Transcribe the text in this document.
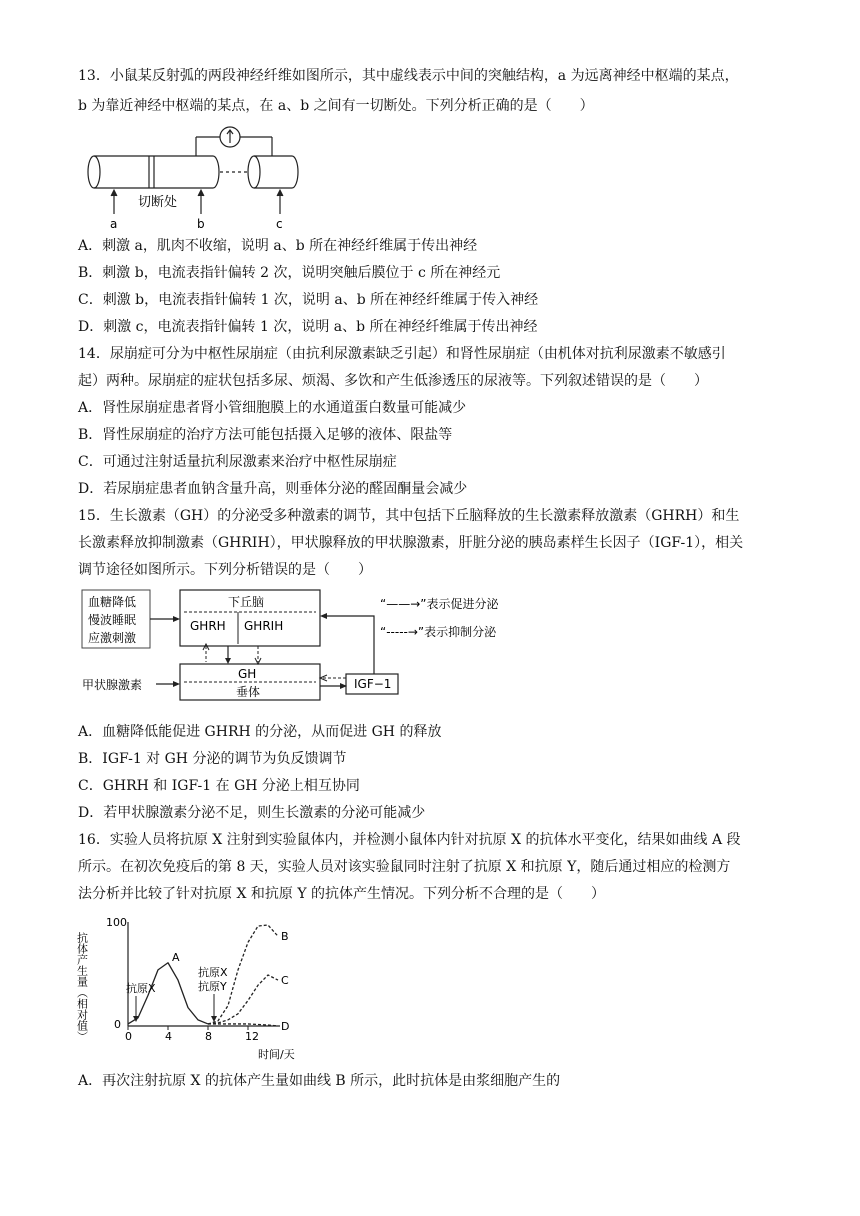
13．小鼠某反射弧的两段神经纤维如图所示，其中虚线表示中间的突触结构，a 为远离神经中枢端的某点，
b 为靠近神经中枢端的某点，在 a、b 之间有一切断处。下列分析正确的是（　　）
a	b	c
切断处
A．刺激 a，肌肉不收缩，说明 a、b 所在神经纤维属于传出神经
B．刺激 b，电流表指针偏转 2 次，说明突触后膜位于 c 所在神经元
C．刺激 b，电流表指针偏转 1 次，说明 a、b 所在神经纤维属于传入神经
D．刺激 c，电流表指针偏转 1 次，说明 a、b 所在神经纤维属于传出神经
14．尿崩症可分为中枢性尿崩症（由抗利尿激素缺乏引起）和肾性尿崩症（由机体对抗利尿激素不敏感引
起）两种。尿崩症的症状包括多尿、烦渴、多饮和产生低渗透压的尿液等。下列叙述错误的是（　　）
A．肾性尿崩症患者肾小管细胞膜上的水通道蛋白数量可能减少
B．肾性尿崩症的治疗方法可能包括摄入足够的液体、限盐等
C．可通过注射适量抗利尿激素来治疗中枢性尿崩症
D．若尿崩症患者血钠含量升高，则垂体分泌的醛固酮量会减少
15．生长激素（GH）的分泌受多种激素的调节，其中包括下丘脑释放的生长激素释放激素（GHRH）和生
长激素释放抑制激素（GHRIH），甲状腺释放的甲状腺激素，肝脏分泌的胰岛素样生长因子（IGF-1），相关
调节途径如图所示。下列分析错误的是（　　）
血糖降低
慢波睡眠
应激刺激
下丘脑
GHRH GHRIH
GH
垂体
甲状腺激素	IGF−1
“——→”表示促进分泌
“-----→”表示抑制分泌
A．血糖降低能促进 GHRH 的分泌，从而促进 GH 的释放
B．IGF-1 对 GH 分泌的调节为负反馈调节
C．GHRH 和 IGF-1 在 GH 分泌上相互协同
D．若甲状腺激素分泌不足，则生长激素的分泌可能减少
16．实验人员将抗原 X 注射到实验鼠体内，并检测小鼠体内针对抗原 X 的抗体水平变化，结果如曲线 A 段
所示。在初次免疫后的第 8 天，实验人员对该实验鼠同时注射了抗原 X 和抗原 Y，随后通过相应的检测方
法分析并比较了针对抗原 X 和抗原 Y 的抗体产生情况。下列分析不合理的是（　　）
抗体产生量（相对值）
100
0
0	4	8	12
A
B
C
D
时间/天
抗原X
抗原X
抗原Y
A．再次注射抗原 X 的抗体产生量如曲线 B 所示，此时抗体是由浆细胞产生的
